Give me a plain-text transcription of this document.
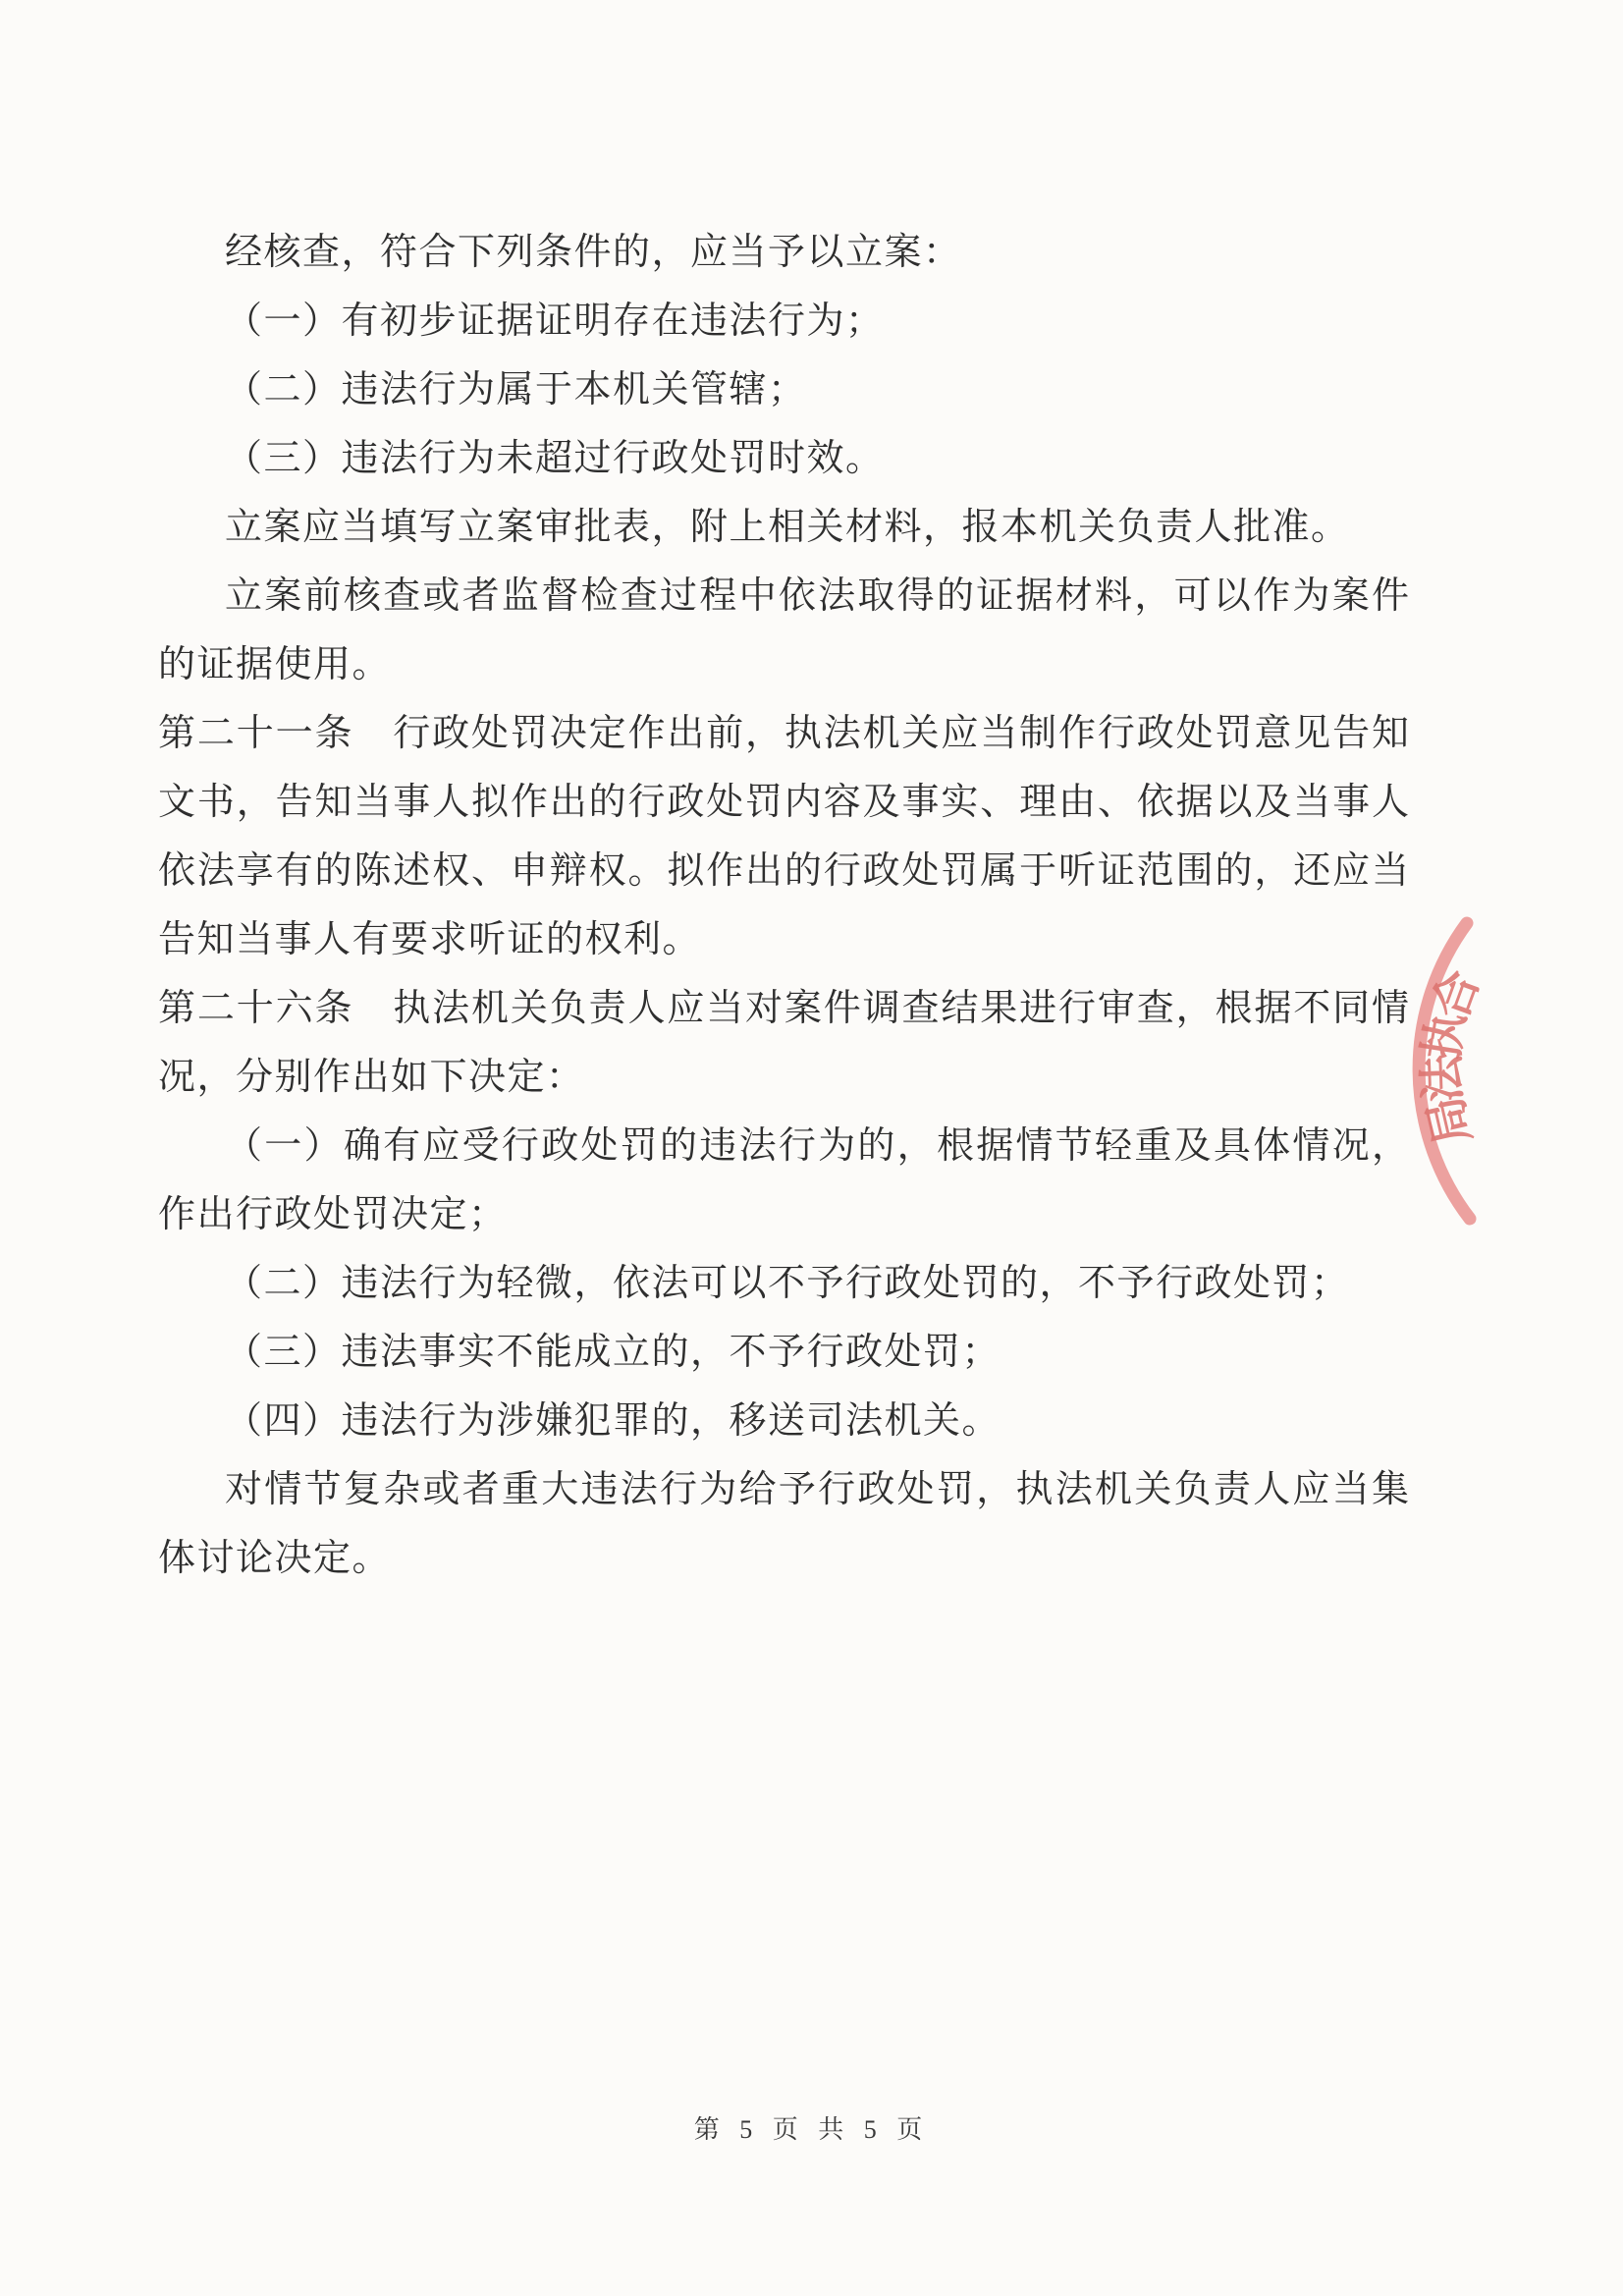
经核查，符合下列条件的，应当予以立案：
（一）有初步证据证明存在违法行为；
（二）违法行为属于本机关管辖；
（三）违法行为未超过行政处罚时效。
立案应当填写立案审批表，附上相关材料，报本机关负责人批准。
立案前核查或者监督检查过程中依法取得的证据材料，可以作为案件
的证据使用。
第二十一条　行政处罚决定作出前，执法机关应当制作行政处罚意见告知
文书，告知当事人拟作出的行政处罚内容及事实、理由、依据以及当事人
依法享有的陈述权、申辩权。拟作出的行政处罚属于听证范围的，还应当
告知当事人有要求听证的权利。
第二十六条　执法机关负责人应当对案件调查结果进行审查，根据不同情
况，分别作出如下决定：
（一）确有应受行政处罚的违法行为的，根据情节轻重及具体情况，
作出行政处罚决定；
（二）违法行为轻微，依法可以不予行政处罚的，不予行政处罚；
（三）违法事实不能成立的，不予行政处罚；
（四）违法行为涉嫌犯罪的，移送司法机关。
对情节复杂或者重大违法行为给予行政处罚，执法机关负责人应当集
体讨论决定。
合
执
法
局
第 5 页 共 5 页
